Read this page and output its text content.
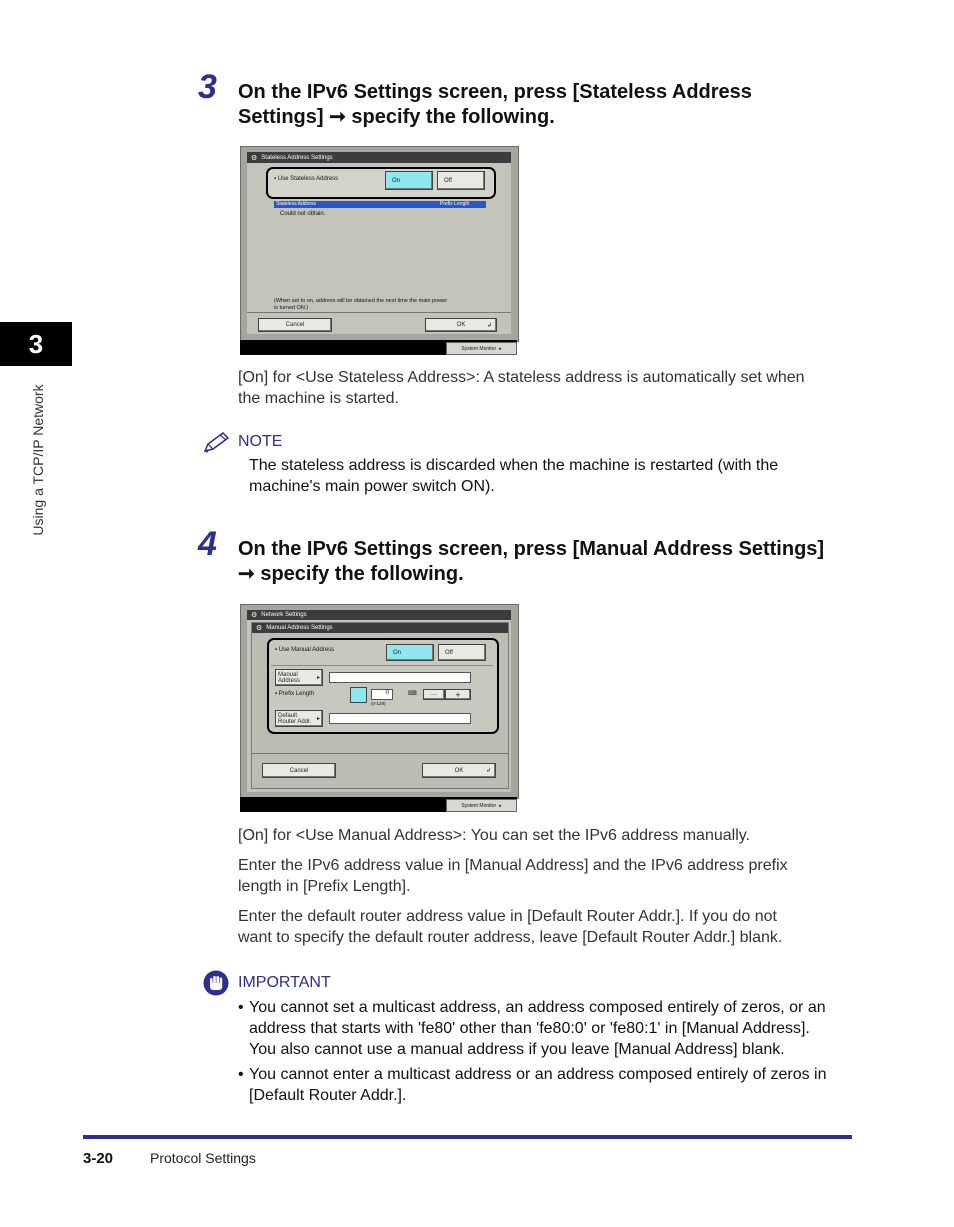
3
Using a TCP/IP Network
3 On the IPv6 Settings screen, press [Stateless Address
Settings] ➞ specify the following.
⚙ Stateless Address Settings
▪ Use Stateless Address	On	Off
Stateless Address	Prefix Length
Could not obtain.
(When set to on, address will be obtained the next time the main power
is turned ON.)
Cancel	OK	↲
System Monitor ▸
[On] for <Use Stateless Address>: A stateless address is automatically set when
the machine is started.
NOTE
The stateless address is discarded when the machine is restarted (with the
machine's main power switch ON).
4 On the IPv6 Settings screen, press [Manual Address Settings]
➞ specify the following.
⚙ Network Settings
⚙ Manual Address Settings
▪ Use Manual Address	On	Off
Manual
Address	▸
▪ Prefix Length	0
(0-128)
⌨	—	+
Default
Router Addr. ▸
Cancel	OK	↲
System Monitor ▸
[On] for <Use Manual Address>: You can set the IPv6 address manually.
Enter the IPv6 address value in [Manual Address] and the IPv6 address prefix
length in [Prefix Length].
Enter the default router address value in [Default Router Addr.]. If you do not
want to specify the default router address, leave [Default Router Addr.] blank.
IMPORTANT
• You cannot set a multicast address, an address composed entirely of zeros, or an
address that starts with 'fe80' other than 'fe80:0' or 'fe80:1' in [Manual Address].
You also cannot use a manual address if you leave [Manual Address] blank.
• You cannot enter a multicast address or an address composed entirely of zeros in
[Default Router Addr.].
3-20	Protocol Settings
